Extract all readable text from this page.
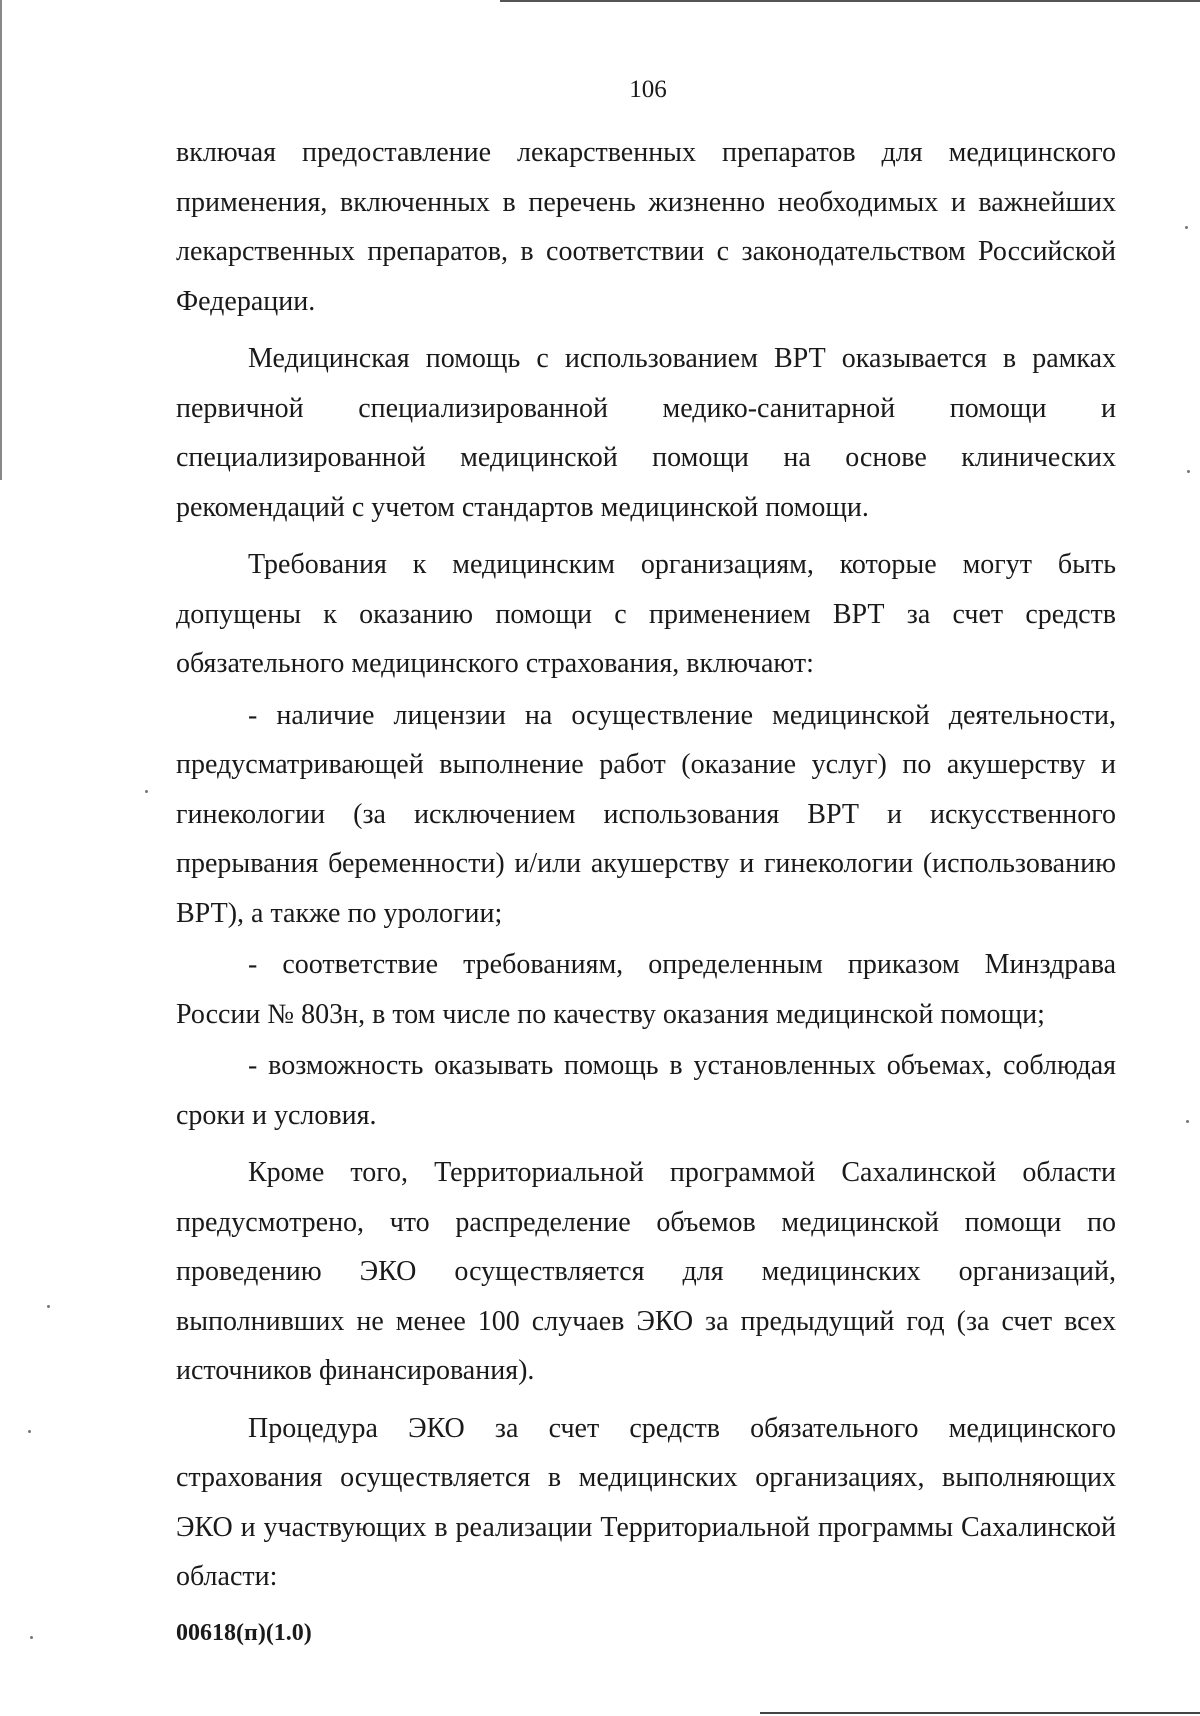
106

включая предоставление лекарственных препаратов для медицинского применения, включенных в перечень жизненно необходимых и важнейших лекарственных препаратов, в соответствии с законодательством Российской Федерации.

Медицинская помощь с использованием ВРТ оказывается в рамках первичной специализированной медико-санитарной помощи и специализированной медицинской помощи на основе клинических рекомендаций с учетом стандартов медицинской помощи.

Требования к медицинским организациям, которые могут быть допущены к оказанию помощи с применением ВРТ за счет средств обязательного медицинского страхования, включают:

- наличие лицензии на осуществление медицинской деятельности, предусматривающей выполнение работ (оказание услуг) по акушерству и гинекологии (за исключением использования ВРТ и искусственного прерывания беременности) и/или акушерству и гинекологии (использованию ВРТ), а также по урологии;

- соответствие требованиям, определенным приказом Минздрава России № 803н, в том числе по качеству оказания медицинской помощи;

- возможность оказывать помощь в установленных объемах, соблюдая сроки и условия.

Кроме того, Территориальной программой Сахалинской области предусмотрено, что распределение объемов медицинской помощи по проведению ЭКО осуществляется для медицинских организаций, выполнивших не менее 100 случаев ЭКО за предыдущий год (за счет всех источников финансирования).

Процедура ЭКО за счет средств обязательного медицинского страхования осуществляется в медицинских организациях, выполняющих ЭКО и участвующих в реализации Территориальной программы Сахалинской области:

00618(п)(1.0)
